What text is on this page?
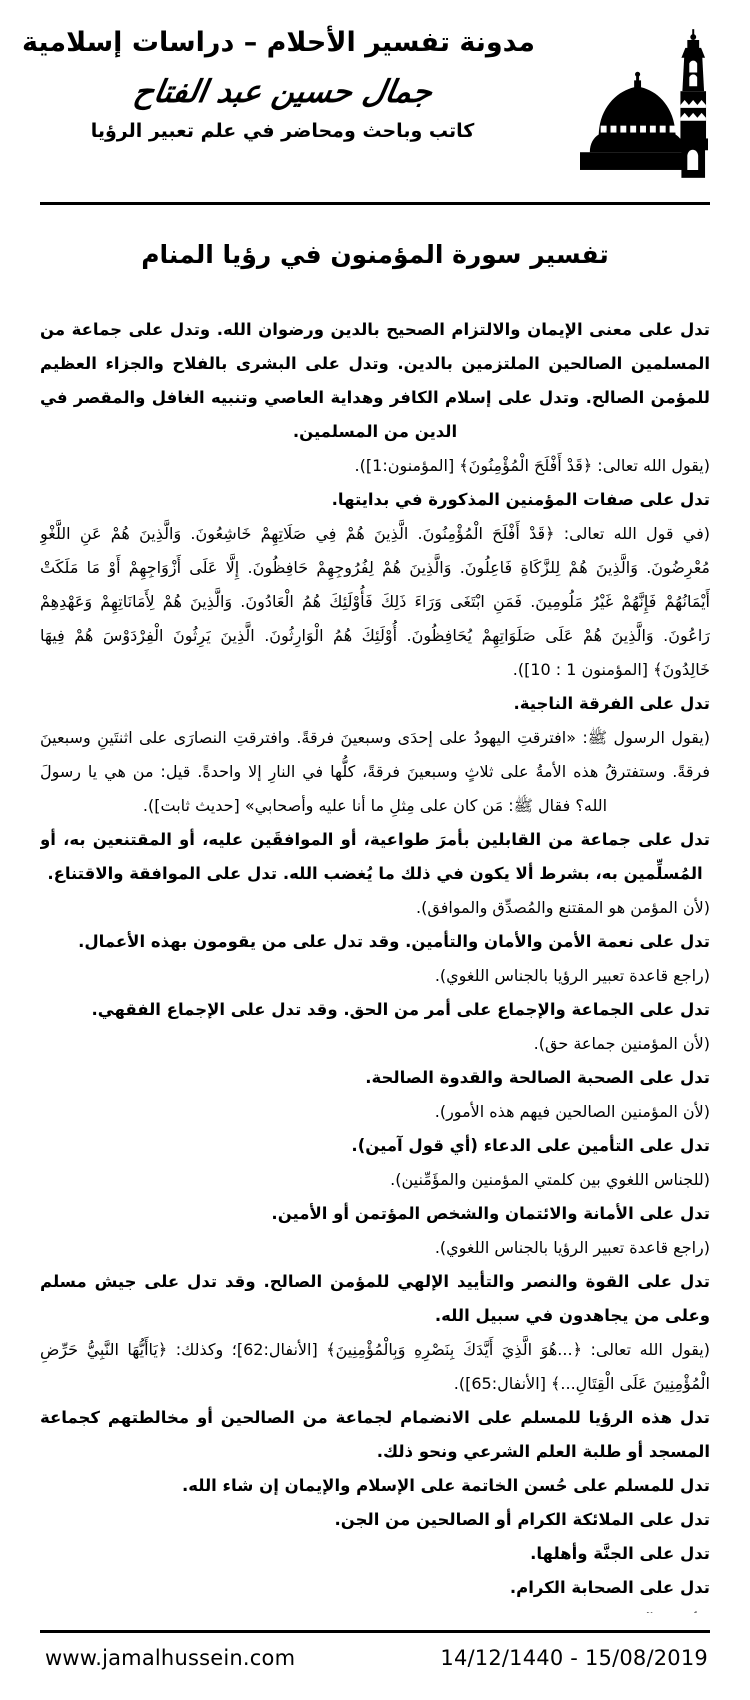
مدونة تفسير الأحلام – دراسات إسلامية
جمال حسين عبد الفتاح
كاتب وباحث ومحاضر في علم تعبير الرؤيا
تفسير سورة المؤمنون في رؤيا المنام

تدل على معنى الإيمان والالتزام الصحيح بالدين ورضوان الله. وتدل على جماعة من المسلمين الصالحين الملتزمين بالدين. وتدل على البشرى بالفلاح والجزاء العظيم للمؤمن الصالح. وتدل على إسلام الكافر وهداية العاصي وتنبيه الغافل والمقصر في الدين من المسلمين.

(يقول الله تعالى: ﴿قَدْ أَفْلَحَ الْمُؤْمِنُونَ﴾ [المؤمنون:1]).

تدل على صفات المؤمنين المذكورة في بدايتها.

(في قول الله تعالى: ﴿قَدْ أَفْلَحَ الْمُؤْمِنُونَ. الَّذِينَ هُمْ فِي صَلَاتِهِمْ خَاشِعُونَ. وَالَّذِينَ هُمْ عَنِ اللَّغْوِ مُعْرِضُونَ. وَالَّذِينَ هُمْ لِلزَّكَاةِ فَاعِلُونَ. وَالَّذِينَ هُمْ لِفُرُوجِهِمْ حَافِظُونَ. إِلَّا عَلَى أَزْوَاجِهِمْ أَوْ مَا مَلَكَتْ أَيْمَانُهُمْ فَإِنَّهُمْ غَيْرُ مَلُومِينَ. فَمَنِ ابْتَغَى وَرَاءَ ذَلِكَ فَأُوْلَئِكَ هُمُ الْعَادُونَ. وَالَّذِينَ هُمْ لِأَمَانَاتِهِمْ وَعَهْدِهِمْ رَاعُونَ. وَالَّذِينَ هُمْ عَلَى صَلَوَاتِهِمْ يُحَافِظُونَ. أُوْلَئِكَ هُمُ الْوَارِثُونَ. الَّذِينَ يَرِثُونَ الْفِرْدَوْسَ هُمْ فِيهَا خَالِدُونَ﴾ [المؤمنون 1 : 10]).

تدل على الفرقة الناجية.

(يقول الرسول ﷺ: «افترقتِ اليهودُ على إحدَى وسبعينَ فرقةً. وافترقتِ النصارَى على اثنتَينِ وسبعينَ فرقةً. وستفترقُ هذه الأمةُ على ثلاثٍ وسبعينَ فرقةً، كلُّها في النارِ إلا واحدةً. قيل: من هي يا رسولَ الله؟ فقال ﷺ: مَن كان على مِثلِ ما أنا عليه وأصحابي» [حديث ثابت]).

تدل على جماعة من القابلين بأمرَ طواعية، أو الموافقَين عليه، أو المقتنعين به، أو المُسلِّمين به، بشرط ألا يكون في ذلك ما يُغضب الله. تدل على الموافقة والاقتناع.

(لأن المؤمن هو المقتنع والمُصدِّق والموافق).

تدل على نعمة الأمن والأمان والتأمين. وقد تدل على من يقومون بهذه الأعمال.

(راجع قاعدة تعبير الرؤيا بالجناس اللغوي).

تدل على الجماعة والإجماع على أمر من الحق. وقد تدل على الإجماع الفقهي.

(لأن المؤمنين جماعة حق).

تدل على الصحبة الصالحة والقدوة الصالحة.

(لأن المؤمنين الصالحين فيهم هذه الأمور).

تدل على التأمين على الدعاء (أي قول آمين).

(للجناس اللغوي بين كلمتي المؤمنين والمؤَمِّنين).

تدل على الأمانة والائتمان والشخص المؤتمن أو الأمين.

(راجع قاعدة تعبير الرؤيا بالجناس اللغوي).

تدل على القوة والنصر والتأييد الإلهي للمؤمن الصالح. وقد تدل على جيش مسلم وعلى من يجاهدون في سبيل الله.

(يقول الله تعالى: ﴿...هُوَ الَّذِيَ أَيَّدَكَ بِنَصْرِهِ وَبِالْمُؤْمِنِينَ﴾ [الأنفال:62]؛ وكذلك: ﴿يَاأَيُّهَا النَّبِيُّ حَرِّضِ الْمُؤْمِنِينَ عَلَى الْقِتَالِ...﴾ [الأنفال:65]).

تدل هذه الرؤيا للمسلم على الانضمام لجماعة من الصالحين أو مخالطتهم كجماعة المسجد أو طلبة العلم الشرعي ونحو ذلك.

تدل للمسلم على حُسن الخاتمة على الإسلام والإيمان إن شاء الله.

تدل على الملائكة الكرام أو الصالحين من الجن.

تدل على الجنَّة وأهلها.

تدل على الصحابة الكرام.

www.jamalhussein.com	14/12/1440 - 15/08/2019
